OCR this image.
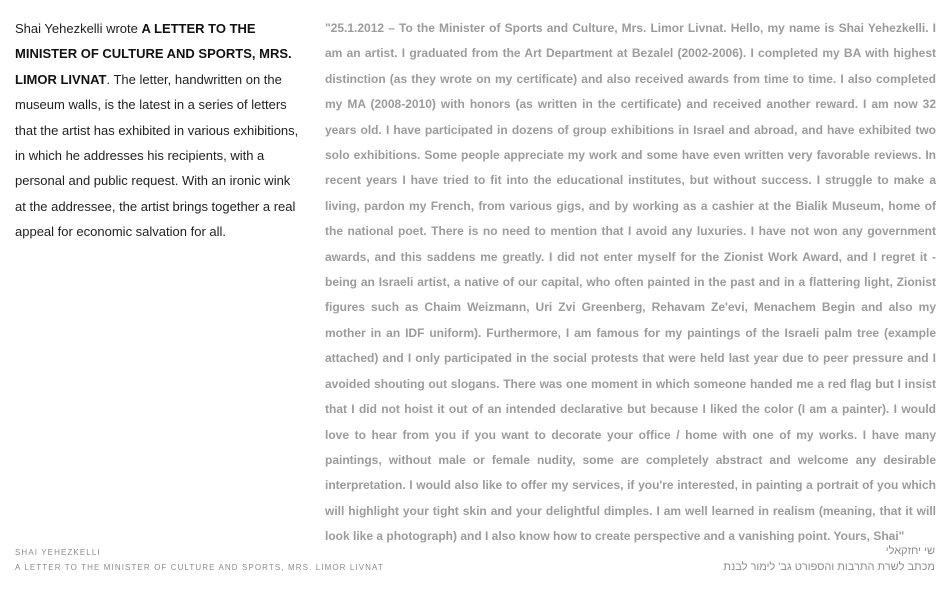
Shai Yehezkelli wrote A LETTER TO THE MINISTER OF CULTURE AND SPORTS, MRS. LIMOR LIVNAT. The letter, handwritten on the museum walls, is the latest in a series of letters that the artist has exhibited in various exhibitions, in which he addresses his recipients, with a personal and public request. With an ironic wink at the addressee, the artist brings together a real appeal for economic salvation for all.
"25.1.2012 – To the Minister of Sports and Culture, Mrs. Limor Livnat. Hello, my name is Shai Yehezkelli. I am an artist. I graduated from the Art Department at Bezalel (2002-2006). I completed my BA with highest distinction (as they wrote on my certificate) and also received awards from time to time. I also completed my MA (2008-2010) with honors (as written in the certificate) and received another reward. I am now 32 years old. I have participated in dozens of group exhibitions in Israel and abroad, and have exhibited two solo exhibitions. Some people appreciate my work and some have even written very favorable reviews. In recent years I have tried to fit into the educational institutes, but without success. I struggle to make a living, pardon my French, from various gigs, and by working as a cashier at the Bialik Museum, home of the national poet. There is no need to mention that I avoid any luxuries. I have not won any government awards, and this saddens me greatly. I did not enter myself for the Zionist Work Award, and I regret it - being an Israeli artist, a native of our capital, who often painted in the past and in a flattering light, Zionist figures such as Chaim Weizmann, Uri Zvi Greenberg, Rehavam Ze'evi, Menachem Begin and also my mother in an IDF uniform). Furthermore, I am famous for my paintings of the Israeli palm tree (example attached) and I only participated in the social protests that were held last year due to peer pressure and I avoided shouting out slogans. There was one moment in which someone handed me a red flag but I insist that I did not hoist it out of an intended declarative but because I liked the color (I am a painter). I would love to hear from you if you want to decorate your office / home with one of my works. I have many paintings, without male or female nudity, some are completely abstract and welcome any desirable interpretation. I would also like to offer my services, if you're interested, in painting a portrait of you which will highlight your tight skin and your delightful dimples. I am well learned in realism (meaning, that it will look like a photograph) and I also know how to create perspective and a vanishing point. Yours, Shai"
SHAI YEHEZKELLI
A LETTER TO THE MINISTER OF CULTURE AND SPORTS, MRS. LIMOR LIVNAT
שי יחזקאלי
מכתב לשרת התרבות והספורט גב' לימור לבנת
